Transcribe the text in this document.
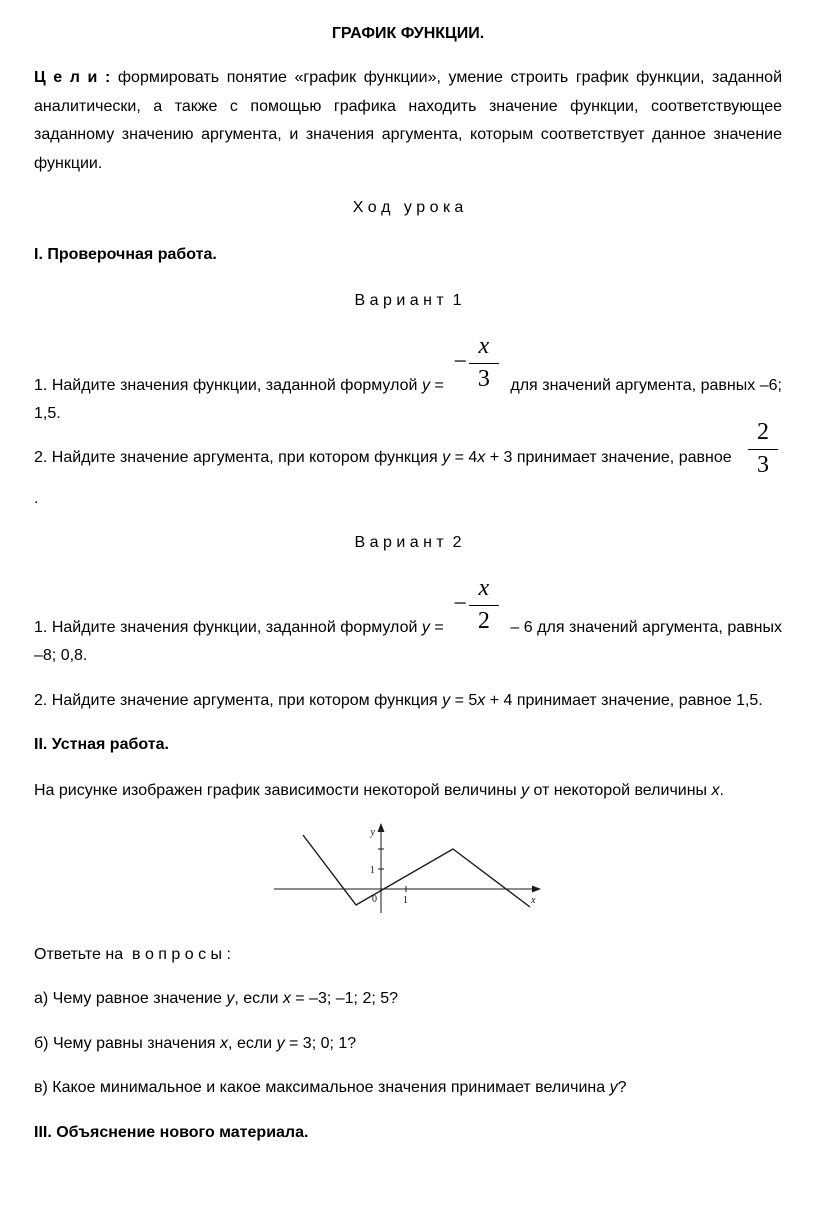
ГРАФИК ФУНКЦИИ.

Ц е л и : формировать понятие «график функции», умение строить график функции, заданной аналитически, а также с помощью графика находить значение функции, соответствующее заданному значению аргумента, и значения аргумента, которым соответствует данное значение функции.

Х о д   у р о к а

I. Проверочная работа.

В а р и а н т  1

1. Найдите значения функции, заданной формулой у =
− $\frac{x}{3}$ для значений аргумента, равных –6; 1,5.

2. Найдите значение аргумента, при котором функция у = 4х + 3 принимает значение, равное $\frac{2}{3}$

.

В а р и а н т  2

1. Найдите значения функции, заданной формулой у =
− $\frac{x}{2} - 6$ для значений аргумента, равных –8; 0,8.

2. Найдите значение аргумента, при котором функция у = 5х + 4 принимает значение, равное 1,5.

II. Устная работа.

На рисунке изображен график зависимости некоторой величины у от некоторой величины х.

y
x
0
1
1

Ответьте на  в о п р о с ы :

а) Чему равное значение у, если х = –3; –1; 2; 5?

б) Чему равны значения х, если у = 3; 0; 1?

в) Какое минимальное и какое максимальное значения принимает величина у?

III. Объяснение нового материала.
